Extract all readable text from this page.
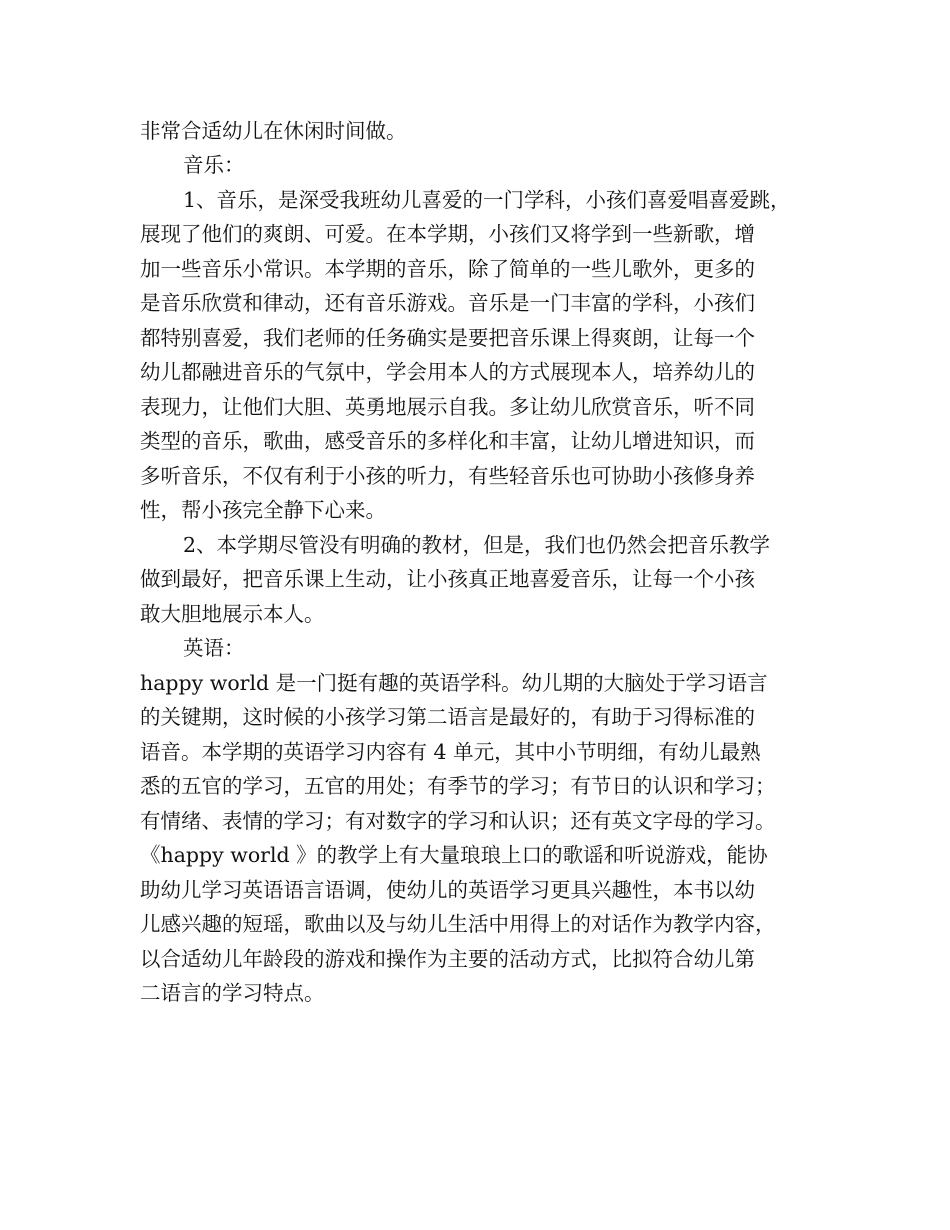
非常合适幼儿在休闲时间做。
音乐：
1、音乐，是深受我班幼儿喜爱的一门学科，小孩们喜爱唱喜爱跳，
展现了他们的爽朗、可爱。在本学期，小孩们又将学到一些新歌，增
加一些音乐小常识。本学期的音乐，除了简单的一些儿歌外，更多的
是音乐欣赏和律动，还有音乐游戏。音乐是一门丰富的学科，小孩们
都特别喜爱，我们老师的任务确实是要把音乐课上得爽朗，让每一个
幼儿都融进音乐的气氛中，学会用本人的方式展现本人，培养幼儿的
表现力，让他们大胆、英勇地展示自我。多让幼儿欣赏音乐，听不同
类型的音乐，歌曲，感受音乐的多样化和丰富，让幼儿增进知识，而
多听音乐，不仅有利于小孩的听力，有些轻音乐也可协助小孩修身养
性，帮小孩完全静下心来。
2、本学期尽管没有明确的教材，但是，我们也仍然会把音乐教学
做到最好，把音乐课上生动，让小孩真正地喜爱音乐，让每一个小孩
敢大胆地展示本人。
英语：
happy world 是一门挺有趣的英语学科。幼儿期的大脑处于学习语言
的关键期，这时候的小孩学习第二语言是最好的，有助于习得标准的
语音。本学期的英语学习内容有 4 单元，其中小节明细，有幼儿最熟
悉的五官的学习，五官的用处；有季节的学习；有节日的认识和学习；
有情绪、表情的学习；有对数字的学习和认识；还有英文字母的学习。
《happy world 》的教学上有大量琅琅上口的歌谣和听说游戏，能协
助幼儿学习英语语言语调，使幼儿的英语学习更具兴趣性，本书以幼
儿感兴趣的短瑶，歌曲以及与幼儿生活中用得上的对话作为教学内容，
以合适幼儿年龄段的游戏和操作为主要的活动方式，比拟符合幼儿第
二语言的学习特点。
